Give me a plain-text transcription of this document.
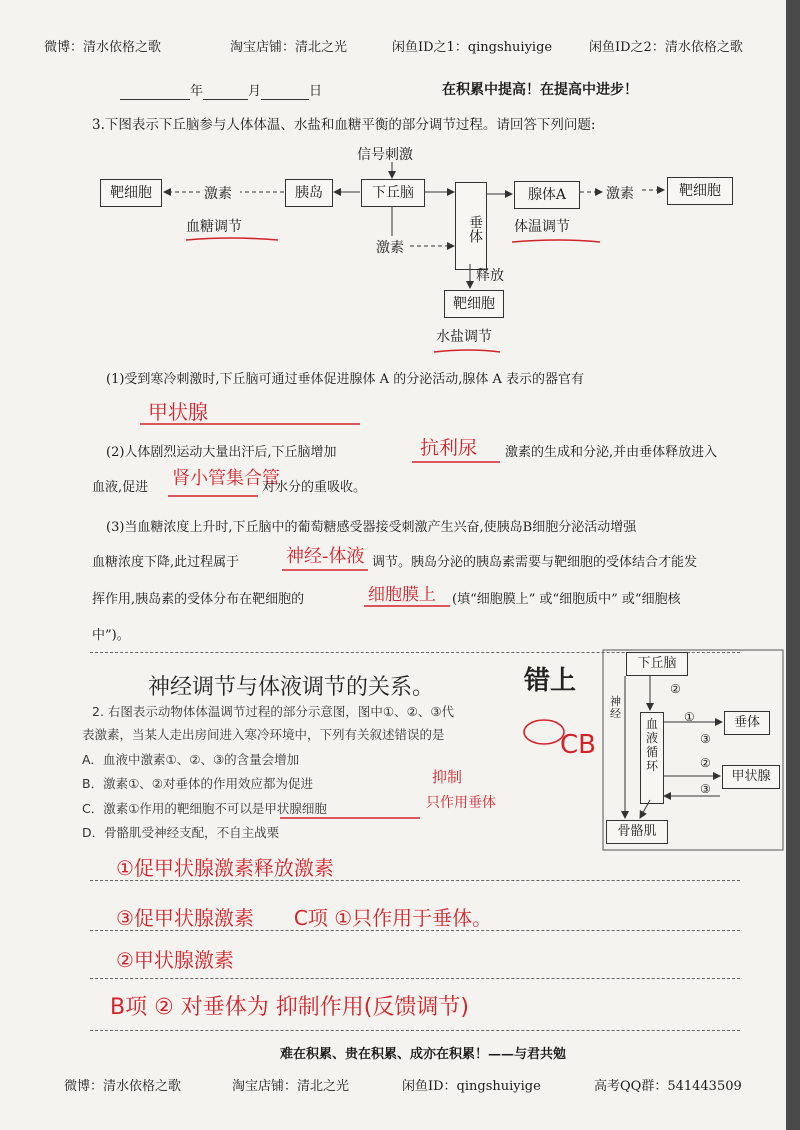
微博：清水依格之歌	淘宝店铺：清北之光	闲鱼ID之1：qingshuiyige	闲鱼ID之2：清水依格之歌
年	月	日	在积累中提高！在提高中进步！
3.下图表示下丘脑参与人体体温、水盐和血糖平衡的部分调节过程。请回答下列问题:
信号刺激
靶细胞	激素	胰岛	下丘脑
垂体
腺体A	激素	靶细胞
血糖调节
激素
体温调节
释放
靶细胞
水盐调节
(1)受到寒冷刺激时,下丘脑可通过垂体促进腺体 A 的分泌活动,腺体 A 表示的器官有
甲状腺
(2)人体剧烈运动大量出汗后,下丘脑增加	抗利尿 激素的生成和分泌,并由垂体释放进入
血液,促进 肾小管集合管
对水分的重吸收。
(3)当血糖浓度上升时,下丘脑中的葡萄糖感受器接受刺激产生兴奋,使胰岛B细胞分泌活动增强
血糖浓度下降,此过程属于	神经-体液 调节。胰岛分泌的胰岛素需要与靶细胞的受体结合才能发
挥作用,胰岛素的受体分布在靶细胞的	细胞膜上 (填“细胞膜上” 或“细胞质中” 或“细胞核
中”)。
神经调节与体液调节的关系。	错上
2. 右图表示动物体体温调节过程的部分示意图，图中①、②、③代
表激素，当某人走出房间进入寒冷环境中，下列有关叙述错误的是
A．血液中激素①、②、③的含量会增加
B．激素①、②对垂体的作用效应都为促进
C．激素①作用的靶细胞不可以是甲状腺细胞
D．骨骼肌受神经支配，不自主战栗
CB
抑制
只作用垂体
下丘脑
神经
血液循环
垂体
甲状腺
骨骼肌
②
①
③
②
③
①促甲状腺激素释放激素
③促甲状腺激素　　C项 ①只作用于垂体。
②甲状腺激素
B项 ② 对垂体为 抑制作用(反馈调节)
难在积累、贵在积累、成亦在积累！——与君共勉
微博：清水依格之歌	淘宝店铺：清北之光	闲鱼ID：qingshuiyige	高考QQ群：541443509
